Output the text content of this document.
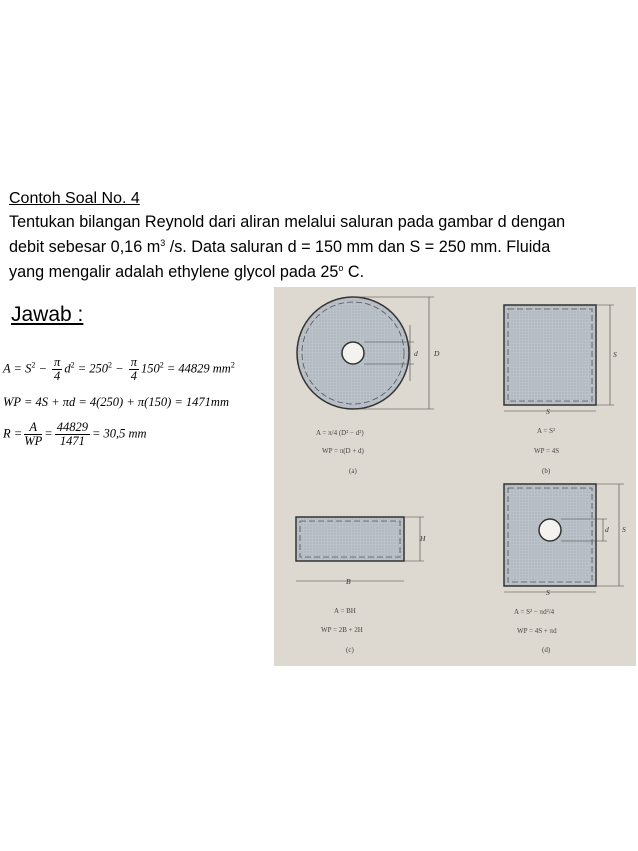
Contoh Soal No. 4
Tentukan bilangan Reynold dari aliran melalui saluran pada gambar d dengan
debit sebesar 0,16 $m^3$ /s. Data saluran d = 150 mm dan S = 250 mm. Fluida
yang mengalir adalah ethylene glycol pada 25$^o$ C.
Jawab :
$A = S^2 - \frac{\pi}{4} d^2 = 250^2 - \frac{\pi}{4} 150^2 = 44829$ $mm^2$
WP = 4S + πd = 4(250) + π(150) = 1471mm
$R = \frac{A}{WP} = \frac{44829}{1471} = 30,5$ mm
d D
A = π/4 (D² − d²)
WP = π(D + d)
(a)
S
S
A = S²
WP = 4S
(b)
H
B
A = BH
WP = 2B + 2H
(c)
d S
S
A = S² − πd²/4
WP = 4S + πd
(d)
